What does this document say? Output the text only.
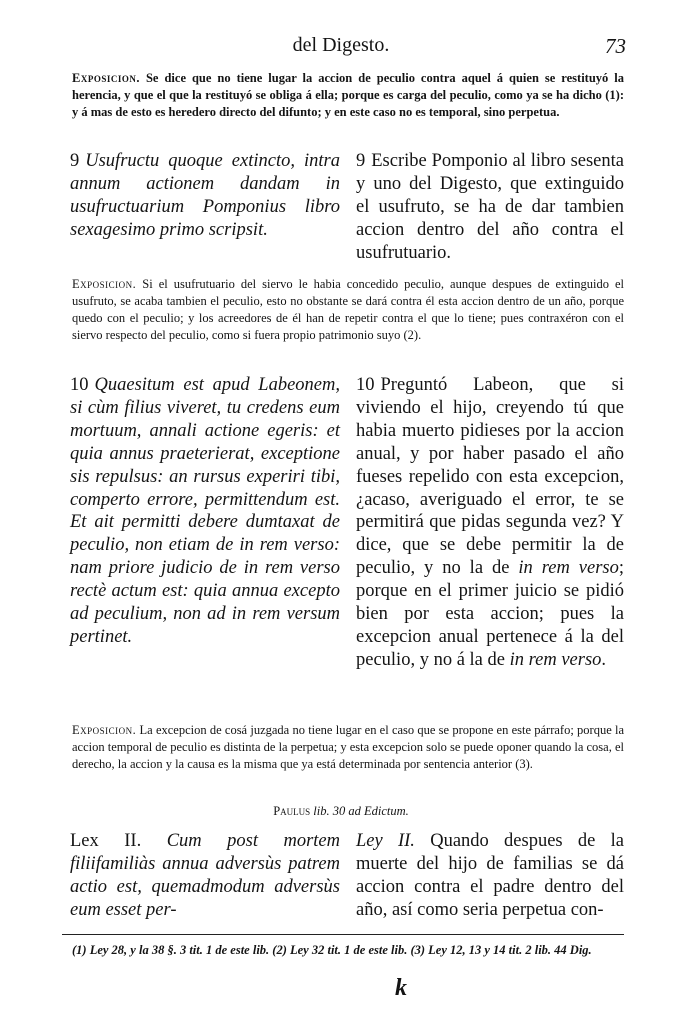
del Digesto.	73
Exposicion. Se dice que no tiene lugar la accion de peculio contra aquel á quien se restituyó la herencia, y que el que la restituyó se obliga á ella; porque es carga del peculio, como ya se ha dicho (1): y á mas de esto es heredero directo del difunto; y en este caso no es temporal, sino perpetua.
9 Usufructu quoque extincto, intra annum actionem dandam in usufructuarium Pomponius libro sexagesimo primo scripsit.
9 Escribe Pomponio al libro sesenta y uno del Digesto, que extinguido el usufruto, se ha de dar tambien accion dentro del año contra el usufrutuario.
Exposicion. Si el usufrutuario del siervo le habia concedido peculio, aunque despues de extinguido el usufruto, se acaba tambien el peculio, esto no obstante se dará contra él esta accion dentro de un año, porque quedo con el peculio; y los acreedores de él han de repetir contra el que lo tiene; pues contraxéron con el siervo respecto del peculio, como si fuera propio patrimonio suyo (2).
10 Quaesitum est apud Labeonem, si cùm filius viveret, tu credens eum mortuum, annali actione egeris: et quia annus praeterierat, exceptione sis repulsus: an rursus experiri tibi, comperto errore, permittendum est. Et ait permitti debere dumtaxat de peculio, non etiam de in rem verso: nam priore judicio de in rem verso rectè actum est: quia annua excepto ad peculium, non ad in rem versum pertinet.
10 Preguntó Labeon, que si viviendo el hijo, creyendo tú que habia muerto pidieses por la accion anual, y por haber pasado el año fueses repelido con esta excepcion, ¿acaso, averiguado el error, te se permitirá que pidas segunda vez? Y dice, que se debe permitir la de peculio, y no la de in rem verso; porque en el primer juicio se pidió bien por esta accion; pues la excepcion anual pertenece á la del peculio, y no á la de in rem verso.
Exposicion. La excepcion de cosá juzgada no tiene lugar en el caso que se propone en este párrafo; porque la accion temporal de peculio es distinta de la perpetua; y esta excepcion solo se puede oponer quando la cosa, el derecho, la accion y la causa es la misma que ya está determinada por sentencia anterior (3).
Paulus lib. 30 ad Edictum.
Lex II. Cum post mortem filiifamiliàs annua adversùs patrem actio est, quemadmodum adversùs eum esset per-
Ley II. Quando despues de la muerte del hijo de familias se dá accion contra el padre dentro del año, así como seria perpetua con-
(1) Ley 28, y la 38 §. 3 tit. 1 de este lib. (2) Ley 32 tit. 1 de este lib. (3) Ley 12, 13 y 14 tit. 2 lib. 44 Dig.
k
